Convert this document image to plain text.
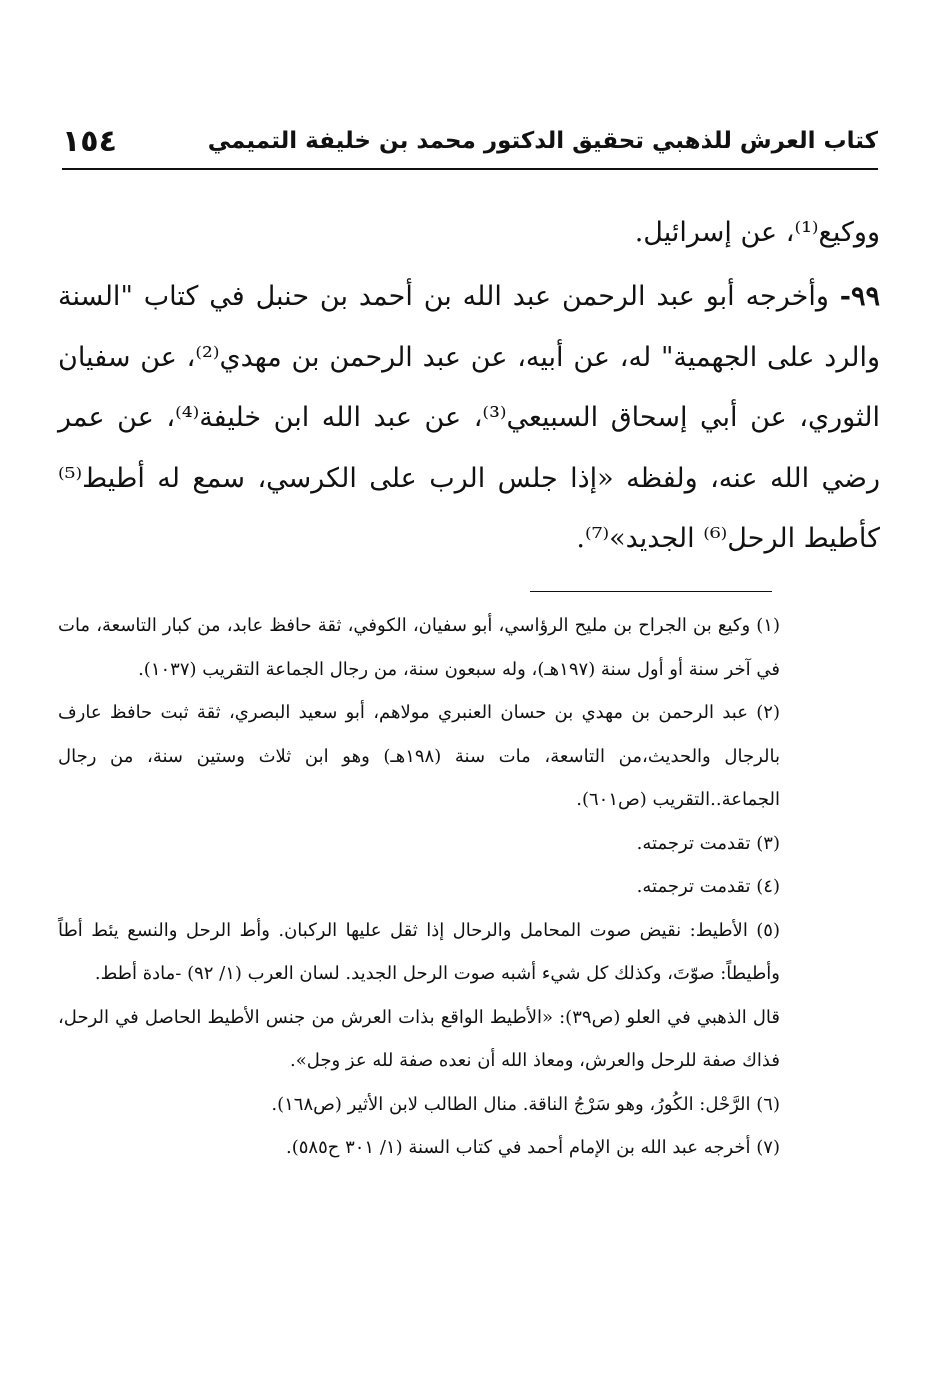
كتاب العرش للذهبي تحقيق الدكتور محمد بن خليفة التميمي
١٥٤

ووكيع⁽¹⁾، عن إسرائيل.

٩٩- وأخرجه أبو عبد الرحمن عبد الله بن أحمد بن حنبل في كتاب "السنة والرد على الجهمية" له، عن أبيه، عن عبد الرحمن بن مهدي⁽²⁾، عن سفيان الثوري، عن أبي إسحاق السبيعي⁽³⁾، عن عبد الله ابن خليفة⁽⁴⁾، عن عمر رضي الله عنه، ولفظه «إذا جلس الرب على الكرسي، سمع له أطيط⁽⁵⁾ كأطيط الرحل⁽⁶⁾ الجديد»⁽⁷⁾.

(١) وكيع بن الجراح بن مليح الرؤاسي، أبو سفيان، الكوفي، ثقة حافظ عابد، من كبار التاسعة، مات في آخر سنة أو أول سنة (١٩٧هـ)، وله سبعون سنة، من رجال الجماعة التقريب (١٠٣٧).

(٢) عبد الرحمن بن مهدي بن حسان العنبري مولاهم، أبو سعيد البصري، ثقة ثبت حافظ عارف بالرجال والحديث،من التاسعة، مات سنة (١٩٨هـ) وهو ابن ثلاث وستين سنة، من رجال الجماعة..التقريب (ص٦٠١).

(٣) تقدمت ترجمته.

(٤) تقدمت ترجمته.

(٥) الأطيط: نقيض صوت المحامل والرحال إذا ثقل عليها الركبان. وأط الرحل والنسع يئط أطاً وأطيطاً: صوّتَ، وكذلك كل شيء أشبه صوت الرحل الجديد. لسان العرب (١/ ٩٢) -مادة أطط.

قال الذهبي في العلو (ص٣٩): «الأطيط الواقع بذات العرش من جنس الأطيط الحاصل في الرحل، فذاك صفة للرحل والعرش، ومعاذ الله أن نعده صفة لله عز وجل».

(٦) الرَّحْل: الكُورُ، وهو سَرْجُ الناقة. منال الطالب لابن الأثير (ص١٦٨).

(٧) أخرجه عبد الله بن الإمام أحمد في كتاب السنة (١/ ٣٠١ ح٥٨٥).
